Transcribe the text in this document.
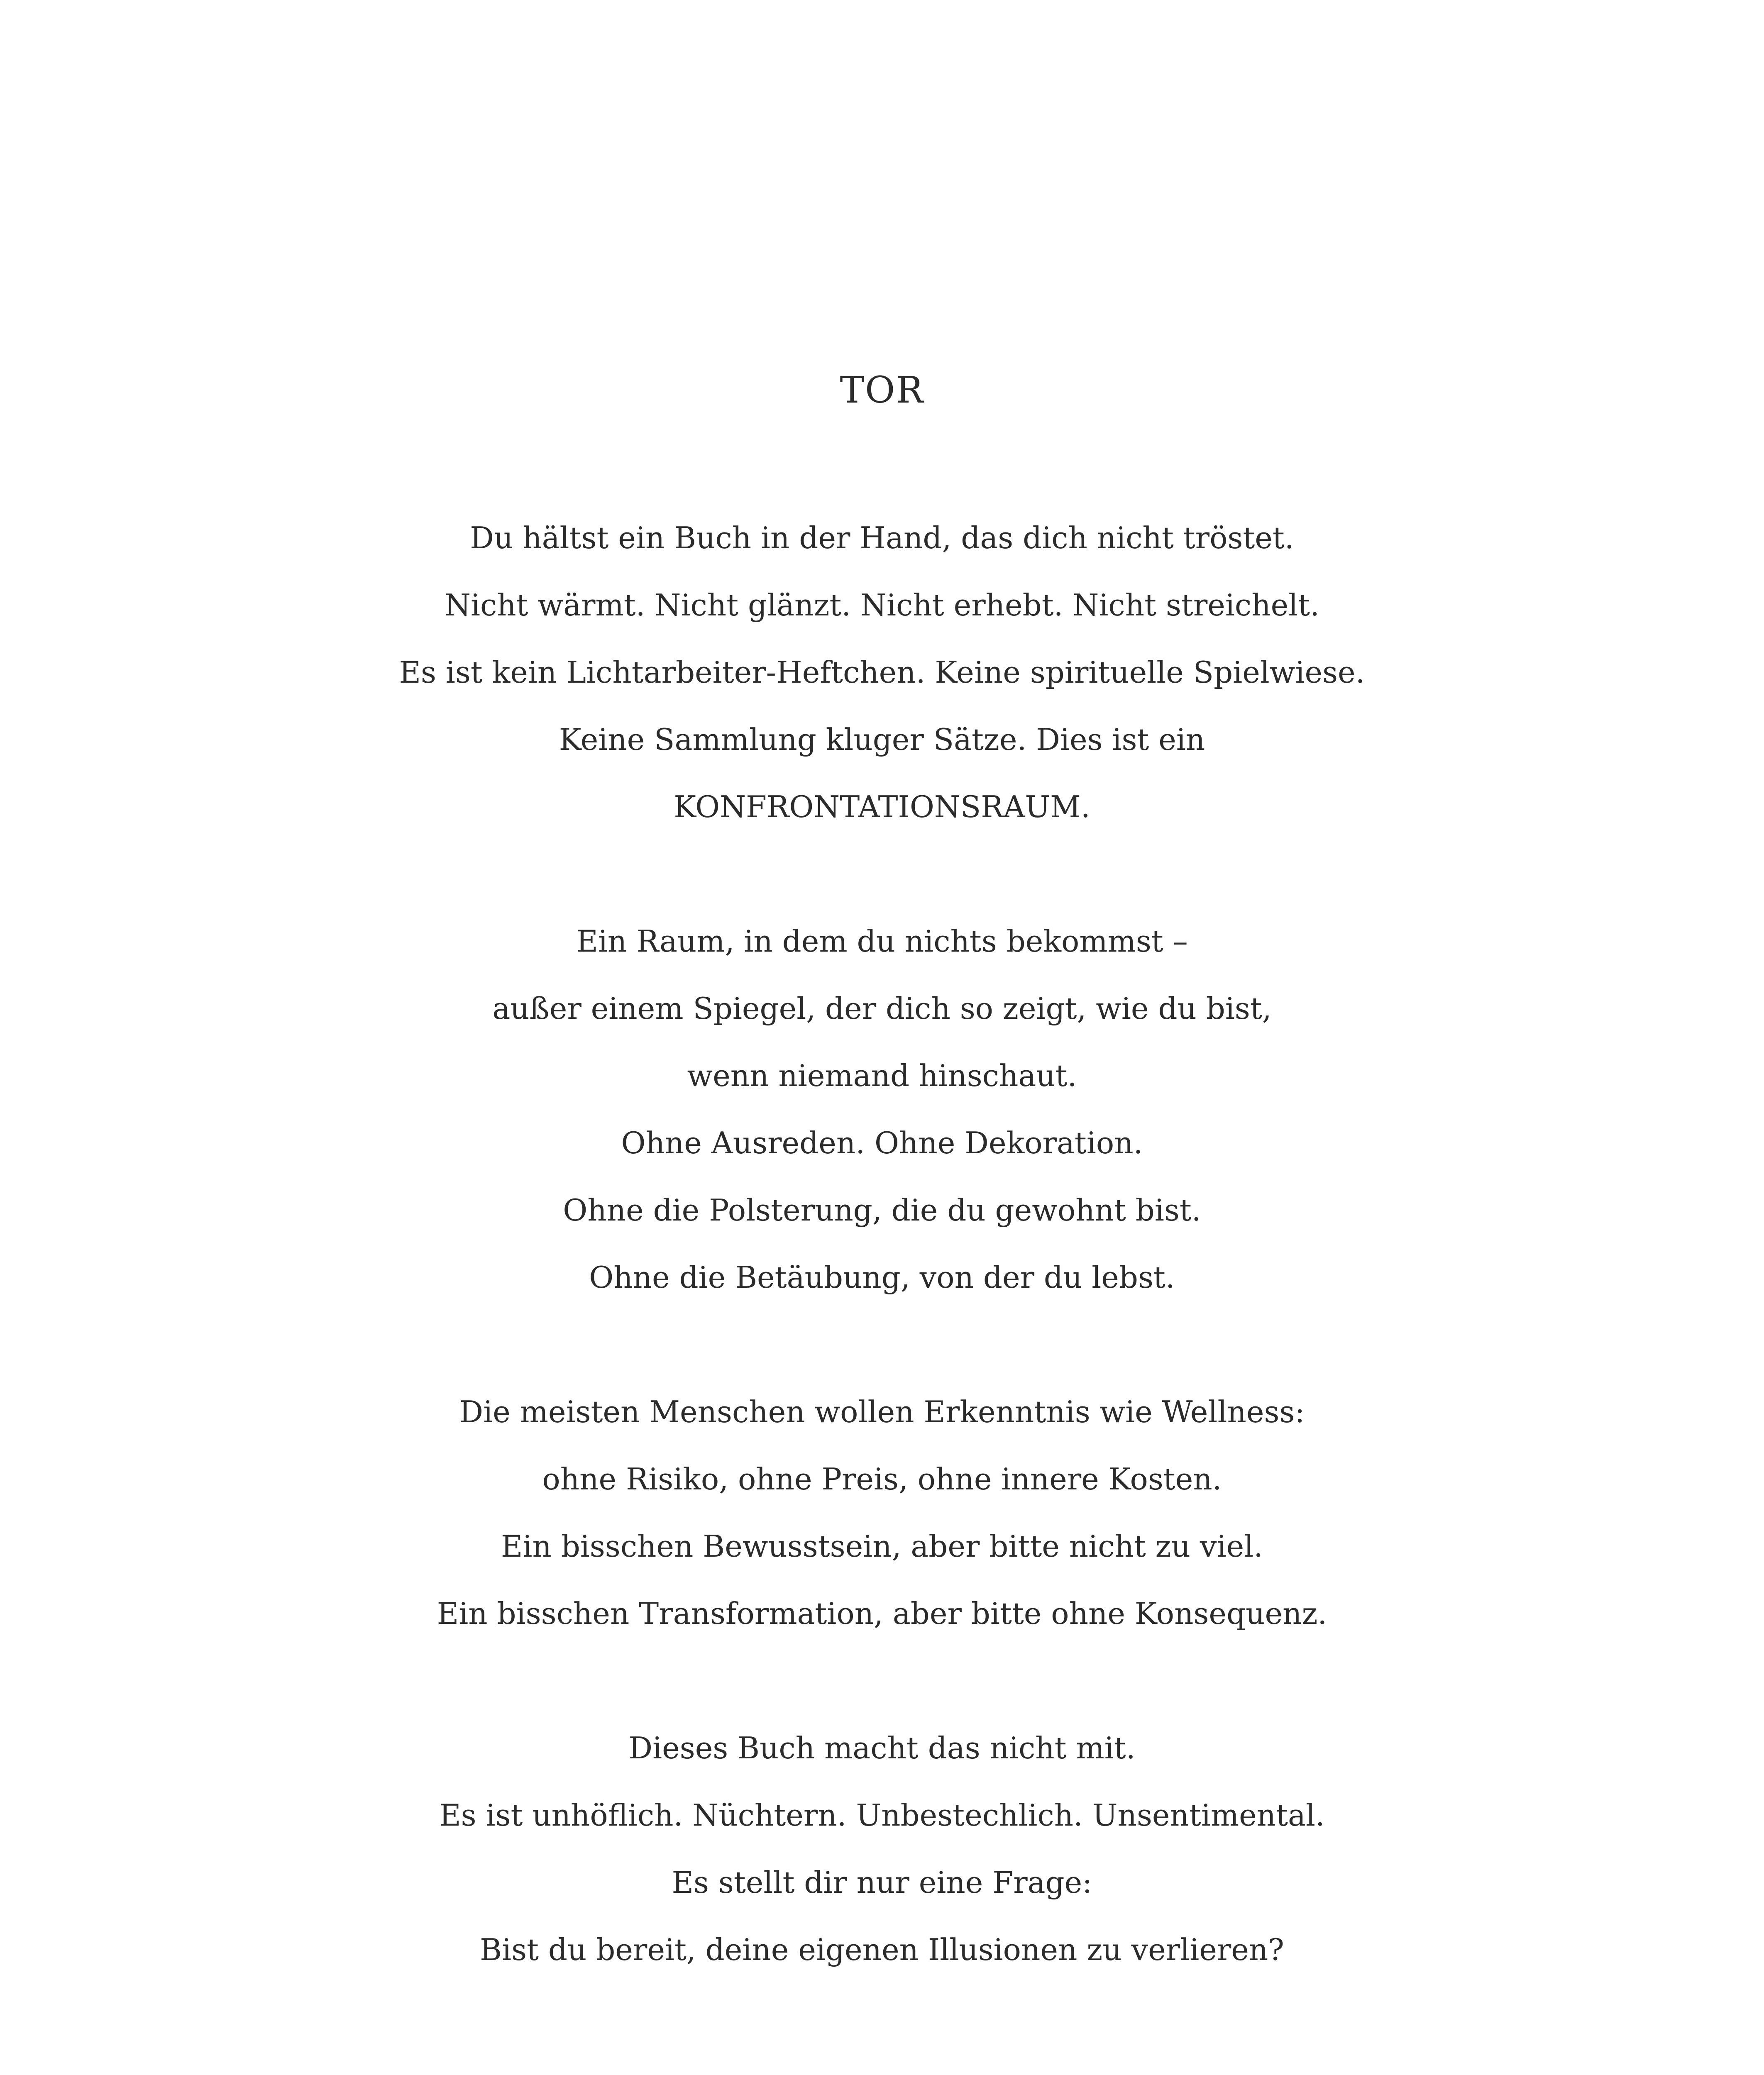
TOR
Du hältst ein Buch in der Hand, das dich nicht tröstet.
Nicht wärmt. Nicht glänzt. Nicht erhebt. Nicht streichelt.
Es ist kein Lichtarbeiter-Heftchen. Keine spirituelle Spielwiese.
Keine Sammlung kluger Sätze. Dies ist ein
KONFRONTATIONSRAUM.
Ein Raum, in dem du nichts bekommst –
außer einem Spiegel, der dich so zeigt, wie du bist,
wenn niemand hinschaut.
Ohne Ausreden. Ohne Dekoration.
Ohne die Polsterung, die du gewohnt bist.
Ohne die Betäubung, von der du lebst.
Die meisten Menschen wollen Erkenntnis wie Wellness:
ohne Risiko, ohne Preis, ohne innere Kosten.
Ein bisschen Bewusstsein, aber bitte nicht zu viel.
Ein bisschen Transformation, aber bitte ohne Konsequenz.
Dieses Buch macht das nicht mit.
Es ist unhöflich. Nüchtern. Unbestechlich. Unsentimental.
Es stellt dir nur eine Frage:
Bist du bereit, deine eigenen Illusionen zu verlieren?
